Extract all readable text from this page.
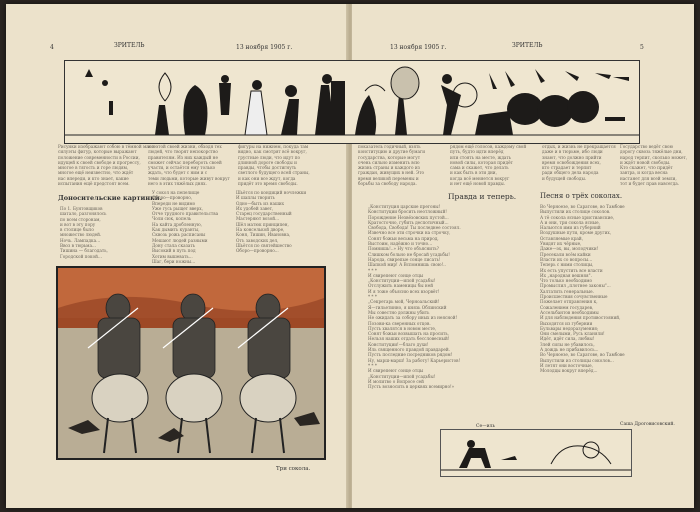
4	ЗРИТЕЛЬ	13 ноября 1905 г.
Рисунки изображают собою в тёмной массе
силуэты фигур, которые выражают
положение современности в России,
идущей к своей свободе и прогрессу,
многое в тягость и горе людям,
многое ещё неизвестно, что ждёт
нас впереди, и кто знает, какие
испытания ещё предстоят всем.
и в этой своей жизни, обходя тех
людей, что творят непокорство
правителям. Из них каждый не
сможет сейчас перебороть своей
участи, и остаётся ему только
ждать, что будет с ним и с
теми людьми, которые живут вокруг
него в этих тяжёлых днях.
фигуры на нижнем, покуда там
видно, как смотрят всё вокруг,
грустные люди, что идут по
длинной дороге свободы и
правды, чтобы достигнуть
светлого будущего всей страны,
и как они все ждут, когда
придёт это время свободы.
Доносительские картинки.
По 1. Бунтовщиков
шатало, разгонялось
по всем сторонам,
и вот в эту пору
в столице было
множество людей.
Ночь. Лампадка...
Ввоз в тюрьма...
Тишина — благодать,
Городской покой...
У сокол на пепелище
Оборо—проворно,
Впереди не видимо
Уже гусь рыщет вверх,
Отче трудного правительства
Чоли сюк, копель
На кайта дробленную,
Как дымить куранты,
Сквозь рожь расписаны
Мешают людей разными
Дону стала сказать
Высокий в путь под
Хотим вышевать...
Шаг, бери ножны...
Шьётся по кондиций ночлежки
И шаплы творить
Одно—быть из наших
Их удобей завет,
Старец государственный
Мастеряют возой...
Шёл матюк принципен,
На конселькой дворе,
Коня, Тишин, Ивановна,
Отъ заводских дел,
Шьётся по святейшество
Оборо—проворно...
Три сокола.
13 ноября 1905 г.	ЗРИТЕЛЬ	5
показатель годичный, взять
конституцию и другие бумаги
государства, которые могут
очень сильно изменить всю
жизнь страны и каждого из
граждан, живущих в ней. Это
время великой перемены и
борьбы за свободу народа.
рядом ещё голосов, каждому свой
путь, будто идти вперёд
или стоять на месте, ждать
новой силы, которая придёт
сама и скажет, что делать
и как быть в эти дни,
когда всё меняется вокруг
и нет ещё новой правды.
отдых, и жизнь не прекращается
даже и в тюрьме, ибо люди
знают, что должно прийти
время освобождения всех,
кто страдает и терпит
ради общего дела народа
и будущей свободы.
Государство ведёт свою
дорогу сквозь тяжёлые дни,
народ терпит, сколько может,
и ждёт новой свободы.
Кто скажет, что придёт
завтра, и когда весна
настанет для всей земли,
тот и будет прав навсегда.
Правда и теперь.
„Конституция царские прегоны!
Конституции бросить неотложный!
Порождение Незвёзовских пустой...
Кратосточно, губить деспотичный...
Свобода, Свобода! Ты последнее состоял.
Извечно все эти строчки на строчку,
Сонят божьи весьма на природ,
Выстоим, надёжно и точно...
Помнишь!..» Ну что объяснить?
Слишком больно не бросай усадьбы!
Народа, свирепые сонце лисать!
Шапкой мир! А Вспомнишь свою!..
* * *
И свирепеют сонце отцы
„Конституции—ипой усадьбы!
Отслужить наменицы бы ней
И я тоже объясню всех взорвёт!
* * *
„Секретарь мой, Черноальский!
Я—гильетинно, я князь Облинский
Мы совестно должны убить
Не ожидать за собору иных из неясной!
Позови-ка сверенных отцов.
Пусть хвалятся в новом месте,
Сонят божьи возвышать на просить,
Нельзя наших отдать бессловесный!
Конституции!—благо духи!
Иль священного правдой правдарей.
Пусть последние посредников рядом!
Ну, марш-марш! За работу! Карьеристов!
* * *
И свирепеют сонце отцы
„Конституции—ипой усадьбы!
И молитво о Вопросе сей
Пусть возносить в церквях всемирно!»
Се—иль
Песня о трёх соколах.
Во Черноезе, во Саратове, во Тамбове
Выпустили их столице соколов.
А тё сокола ясные христианские,
А и они, три сокола ясные,
Нальются ими из губерний
Воздушные пути, кроме других,
Оставляемые край,
Увидят их чёрные,
Даже—эх, вы, молодчики!
Пресекали всём кайки
Власти их со вопросы...
Теперь с ними столицы,
Их есть упустить все власти
Их „народная вешняя".
Что только необходимо
Промыслил „плотнее законы"...
Халтатить генеральные.
Происшествия сочувственные
Пожелает отправления к,
Сожалением государев,
Ассельбантов необходимы
И для наблюдения противостояний,
Выходятся из губернии
Бульвары недоразумения;
Они смелыми, Русь кланяли!
Идёт, идёт сила, любвы!
Злей силы не убавилось,
А дождь не прибавилось...
Во Черноезе, во Саратове, во Тамбове
Выпустили из столицы соколов...
И летят они восточные,
Молодцы вокруг вперёд...
Саша Дроговисовский.
